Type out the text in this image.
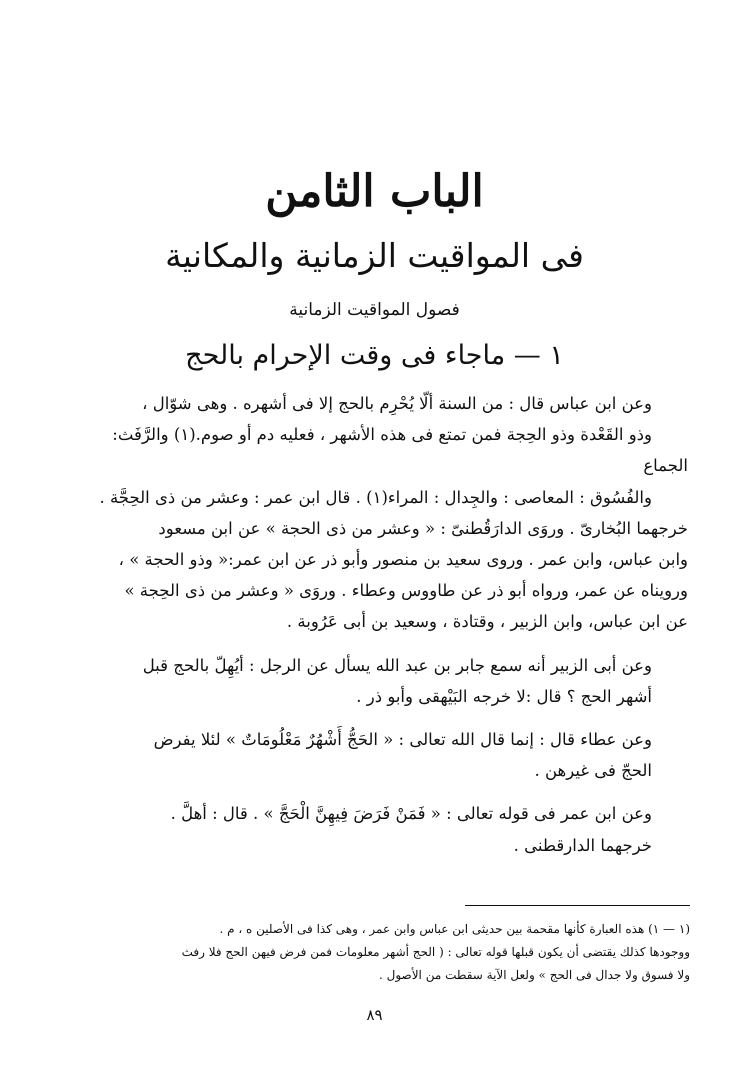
الباب الثامن
فى المواقيت الزمانية والمكانية
فصول المواقيت الزمانية
١ — ماجاء فى وقت الإحرام بالحج
وعن ابن عباس قال : من السنة ألّا يُحْرِم بالحج إلا فى أشهره . وهى شوّال ،
وذو القَعْدة وذو الحِجة فمن تمتع فى هذه الأشهر ، فعليه دم أو صوم.(١) والرَّفَث: الجماع
والفُسُوق : المعاصى : والجِدال : المراء(١) . قال ابن عمر : وعشر من ذى الحِجَّة .
خرجهما البُخارىّ . وروَى الدارَقُطنىّ : « وعشر من ذى الحجة » عن ابن مسعود
وابن عباس، وابن عمر . وروى سعيد بن منصور وأبو ذر عن ابن عمر:« وذو الحجة » ،
ورويناه عن عمر، ورواه أبو ذر عن طاووس وعطاء . وروَى « وعشر من ذى الحِجة »
عن ابن عباس، وابن الزبير ، وقتادة ، وسعيد بن أبى عَرُوبة .
وعن أبى الزبير أنه سمع جابر بن عبد الله يسأل عن الرجل : أيُهِلّ بالحج قبل
أشهر الحج ؟ قال :لا خرجه البَيْهقى وأبو ذر .
وعن عطاء قال : إنما قال الله تعالى : « الحَجُّ أَشْهُرٌ مَعْلُومَاتٌ » لئلا يفرض
الحجّ فى غيرهن .
وعن ابن عمر فى قوله تعالى : « فَمَنْ فَرَضَ فِيهِنَّ الْحَجَّ » . قال : أهلَّ .
خرجهما الدارقطنى .

(١ — ١) هذه العبارة كأنها مقحمة بين حديثى ابن عباس وابن عمر ، وهى كذا فى الأصلين ه ، م .

ووجودها كذلك يقتضى أن يكون قبلها قوله تعالى : ( الحج أشهر معلومات فمن فرض فيهن الحج فلا رفث

ولا فسوق ولا جدال فى الحج » ولعل الآية سقطت من الأصول .

٨٩
